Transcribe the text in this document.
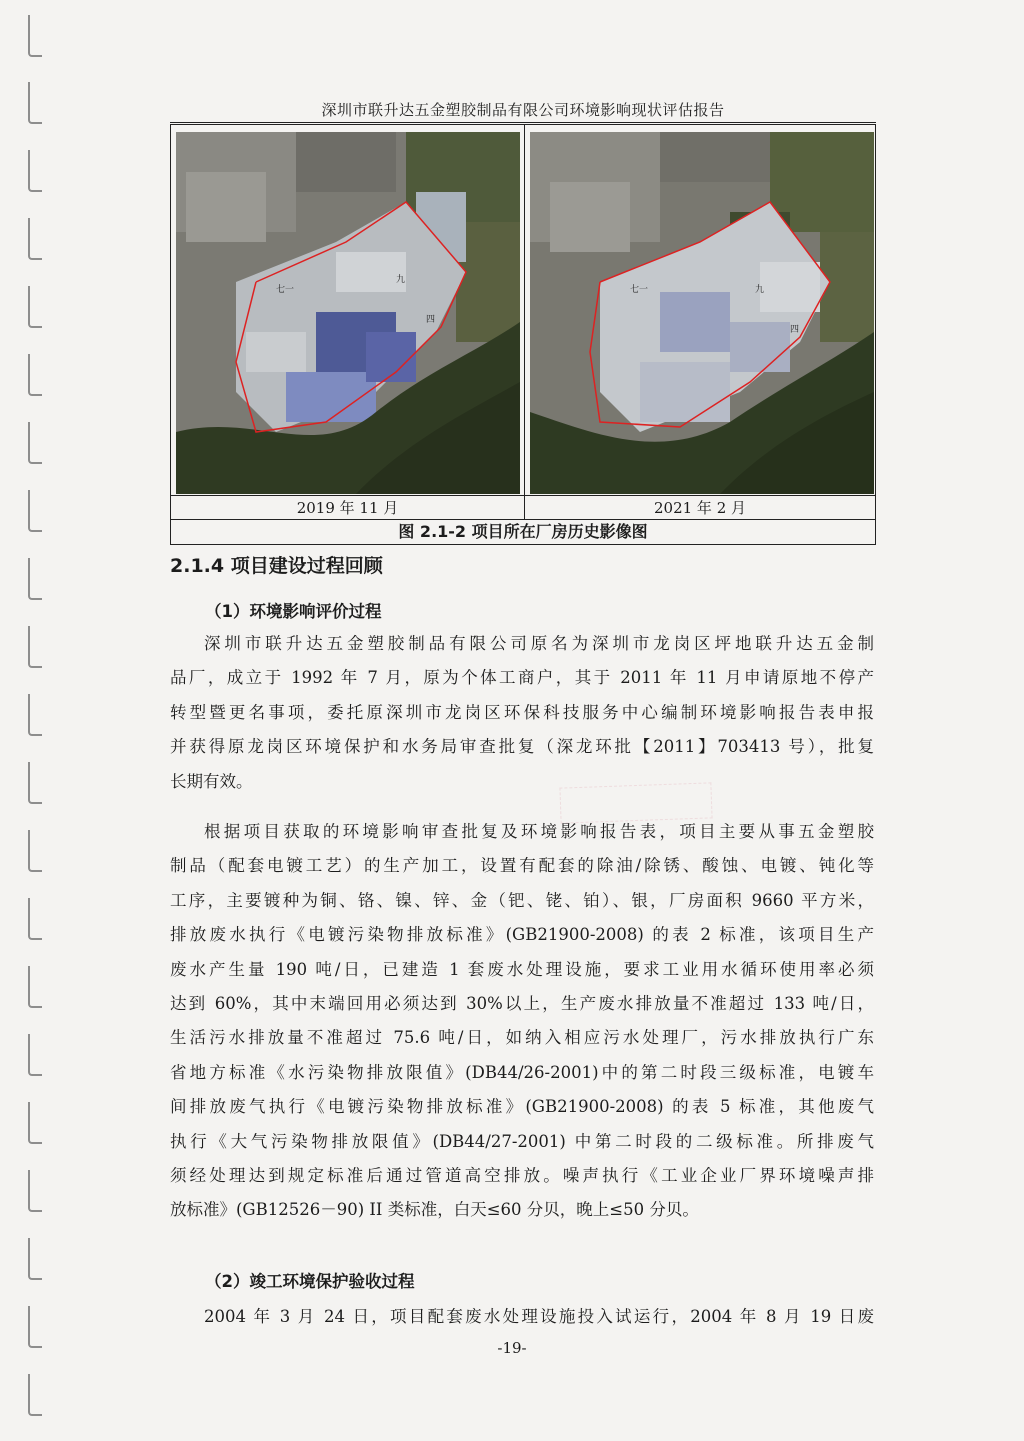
深圳市联升达五金塑胶制品有限公司环境影响现状评估报告
七一
九
四
七一	九
四
2019 年 11 月	2021 年 2 月
图 2.1-2 项目所在厂房历史影像图
2.1.4 项目建设过程回顾
（1）环境影响评价过程

深圳市联升达五金塑胶制品有限公司原名为深圳市龙岗区坪地联升达五金制
品厂，成立于 1992 年 7 月，原为个体工商户，其于 2011 年 11 月申请原地不停产
转型暨更名事项，委托原深圳市龙岗区环保科技服务中心编制环境影响报告表申报
并获得原龙岗区环境保护和水务局审查批复（深龙环批【2011】703413 号），批复
长期有效。

根据项目获取的环境影响审查批复及环境影响报告表，项目主要从事五金塑胶
制品（配套电镀工艺）的生产加工，设置有配套的除油/除锈、酸蚀、电镀、钝化等
工序，主要镀种为铜、铬、镍、锌、金（钯、铑、铂）、银，厂房面积 9660 平方米，
排放废水执行《电镀污染物排放标准》(GB21900-2008) 的表 2 标准，该项目生产
废水产生量 190 吨/日，已建造 1 套废水处理设施，要求工业用水循环使用率必须
达到 60%，其中末端回用必须达到 30%以上，生产废水排放量不准超过 133 吨/日，
生活污水排放量不准超过 75.6 吨/日，如纳入相应污水处理厂，污水排放执行广东
省地方标准《水污染物排放限值》(DB44/26-2001)中的第二时段三级标准，电镀车
间排放废气执行《电镀污染物排放标准》(GB21900-2008) 的表 5 标准，其他废气
执行《大气污染物排放限值》(DB44/27-2001) 中第二时段的二级标准。所排废气
须经处理达到规定标准后通过管道高空排放。噪声执行《工业企业厂界环境噪声排
放标准》(GB12526－90) II 类标准，白天≤60 分贝，晚上≤50 分贝。

（2）竣工环境保护验收过程

2004 年 3 月 24 日，项目配套废水处理设施投入试运行，2004 年 8 月 19 日废

-19-
